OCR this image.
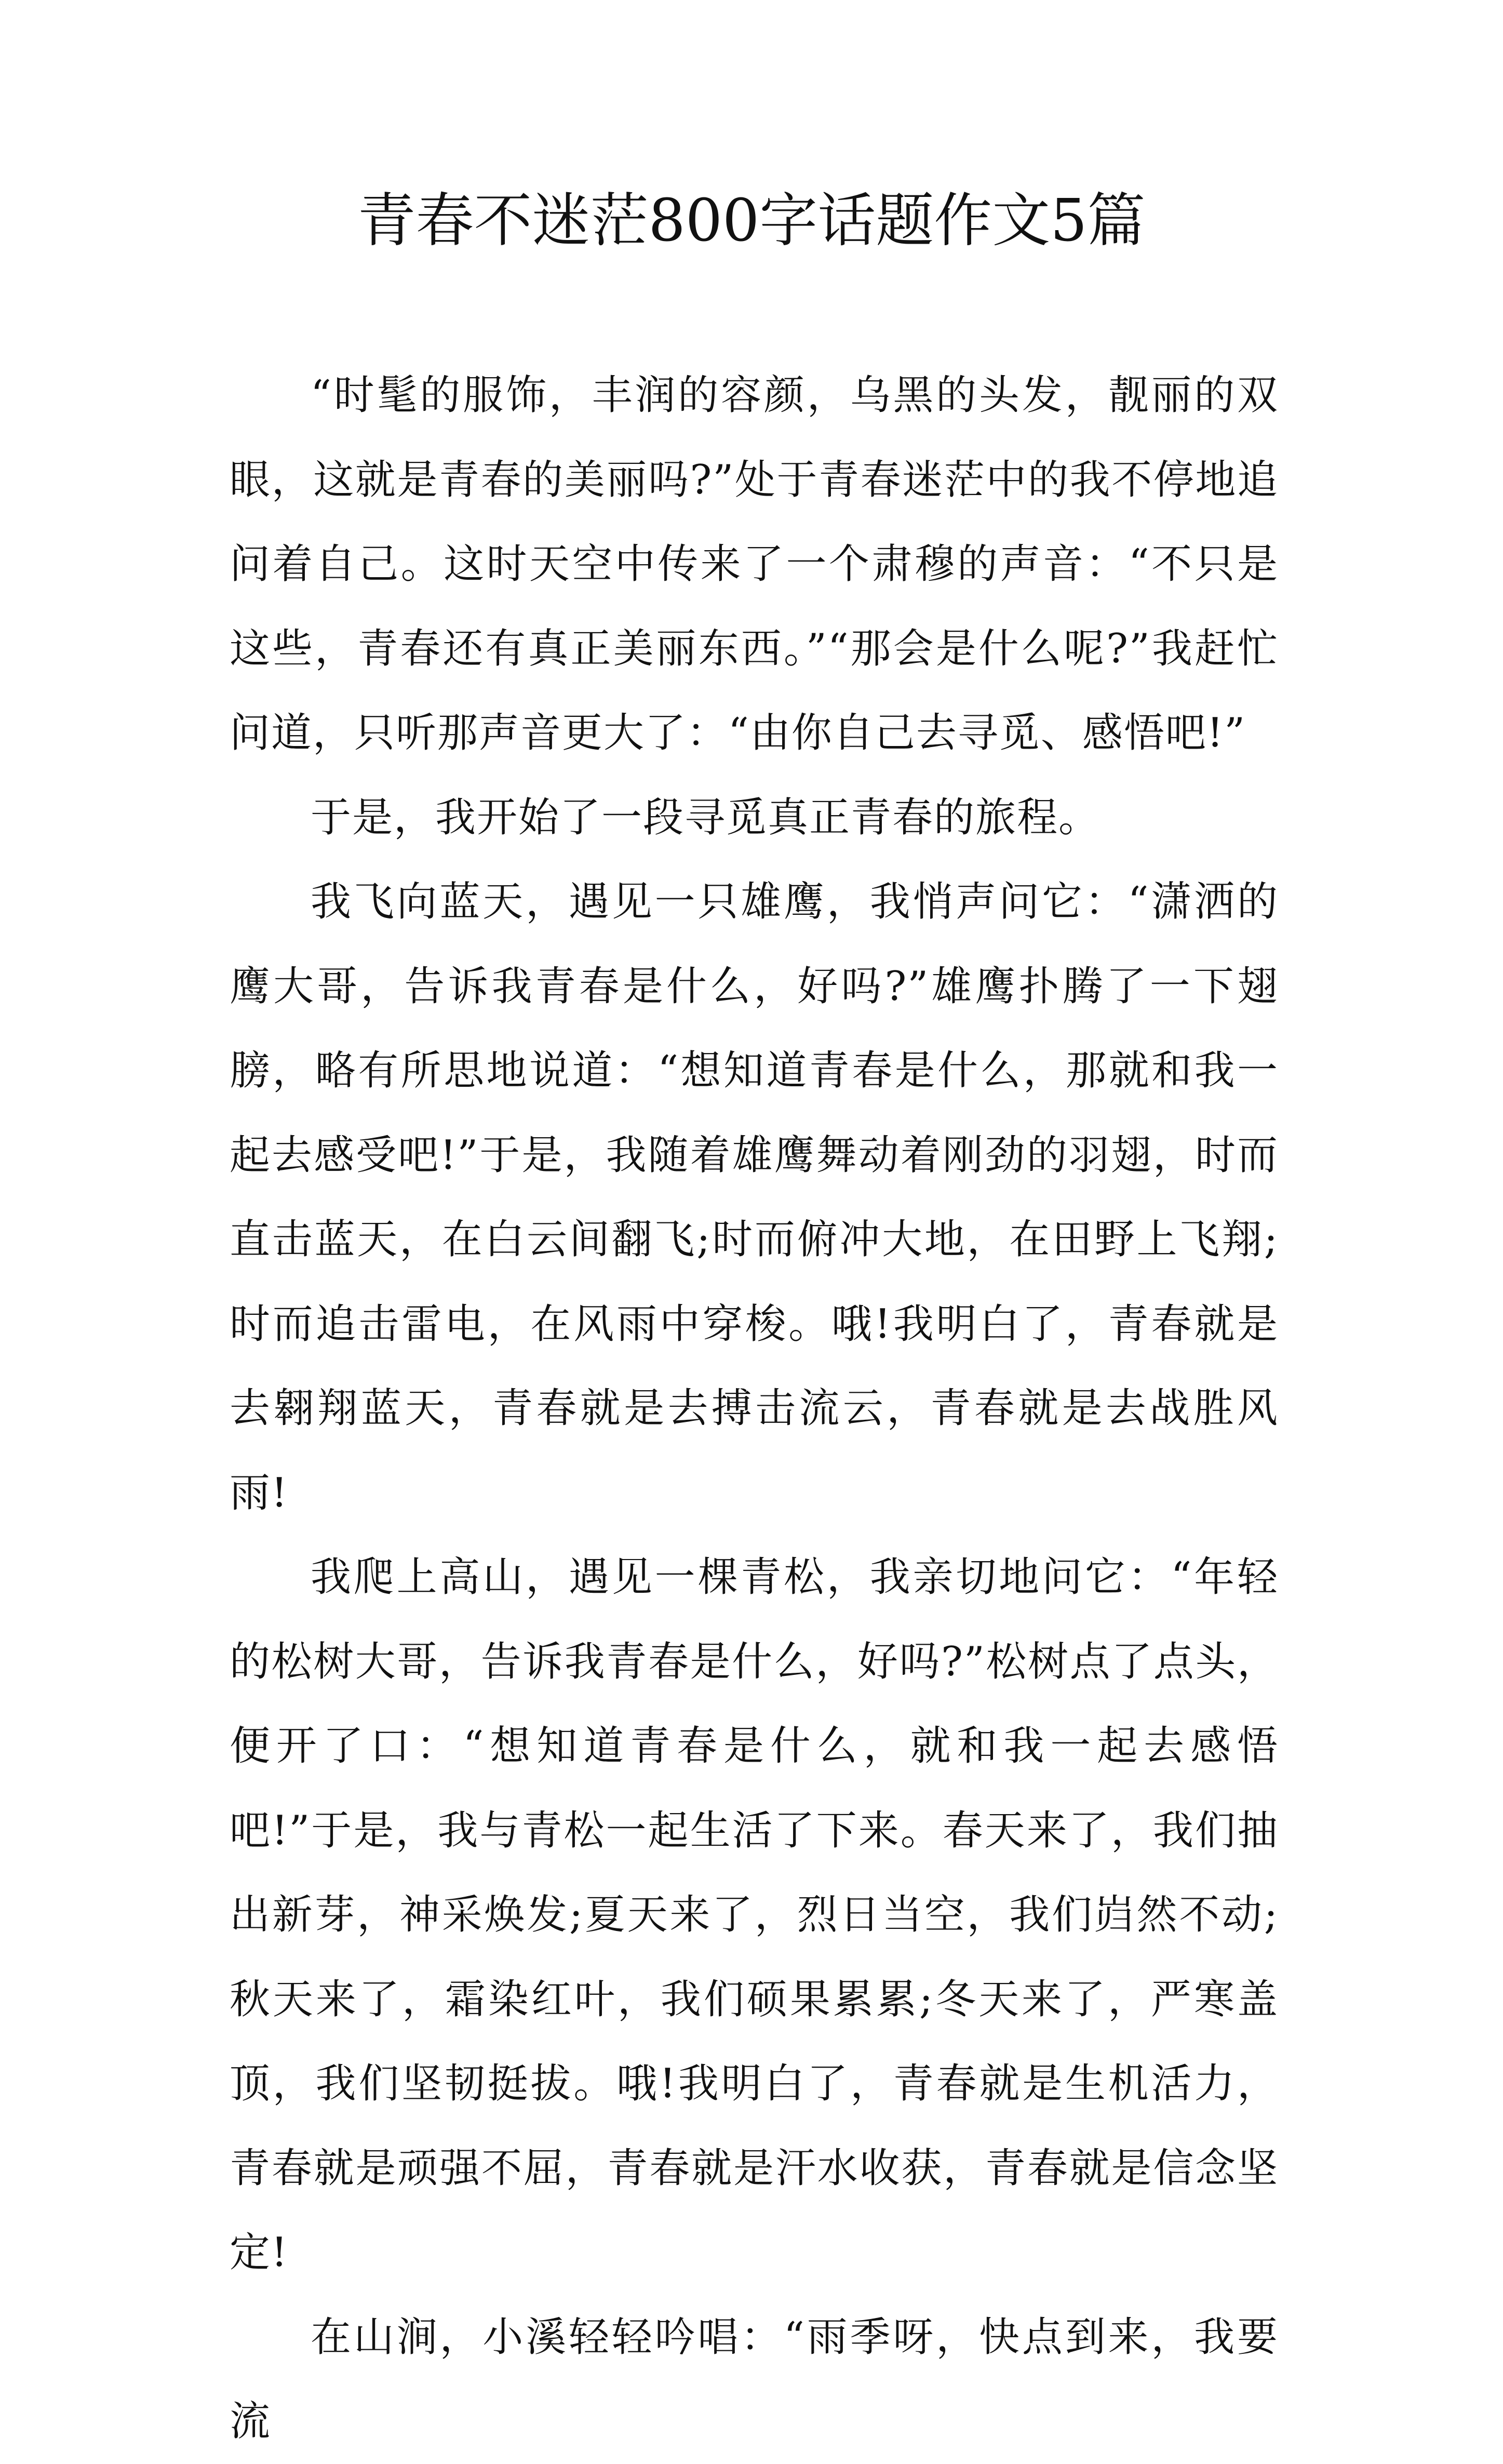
青春不迷茫800字话题作文5篇

“时髦的服饰，丰润的容颜，乌黑的头发，靓丽的双眼，这就是青春的美丽吗?”处于青春迷茫中的我不停地追问着自己。这时天空中传来了一个肃穆的声音：“不只是这些，青春还有真正美丽东西。”“那会是什么呢?”我赶忙问道，只听那声音更大了：“由你自己去寻觅、感悟吧!”

于是，我开始了一段寻觅真正青春的旅程。

我飞向蓝天，遇见一只雄鹰，我悄声问它：“潇洒的鹰大哥，告诉我青春是什么，好吗?”雄鹰扑腾了一下翅膀，略有所思地说道：“想知道青春是什么，那就和我一起去感受吧!”于是，我随着雄鹰舞动着刚劲的羽翅，时而直击蓝天，在白云间翻飞;时而俯冲大地，在田野上飞翔;时而追击雷电，在风雨中穿梭。哦!我明白了，青春就是去翱翔蓝天，青春就是去搏击流云，青春就是去战胜风雨!

我爬上高山，遇见一棵青松，我亲切地问它：“年轻的松树大哥，告诉我青春是什么，好吗?”松树点了点头，便开了口：“想知道青春是什么，就和我一起去感悟吧!”于是，我与青松一起生活了下来。春天来了，我们抽出新芽，神采焕发;夏天来了，烈日当空，我们岿然不动;秋天来了，霜染红叶，我们硕果累累;冬天来了，严寒盖顶，我们坚韧挺拔。哦!我明白了，青春就是生机活力，青春就是顽强不屈，青春就是汗水收获，青春就是信念坚定!

在山涧，小溪轻轻吟唱：“雨季呀，快点到来，我要流
